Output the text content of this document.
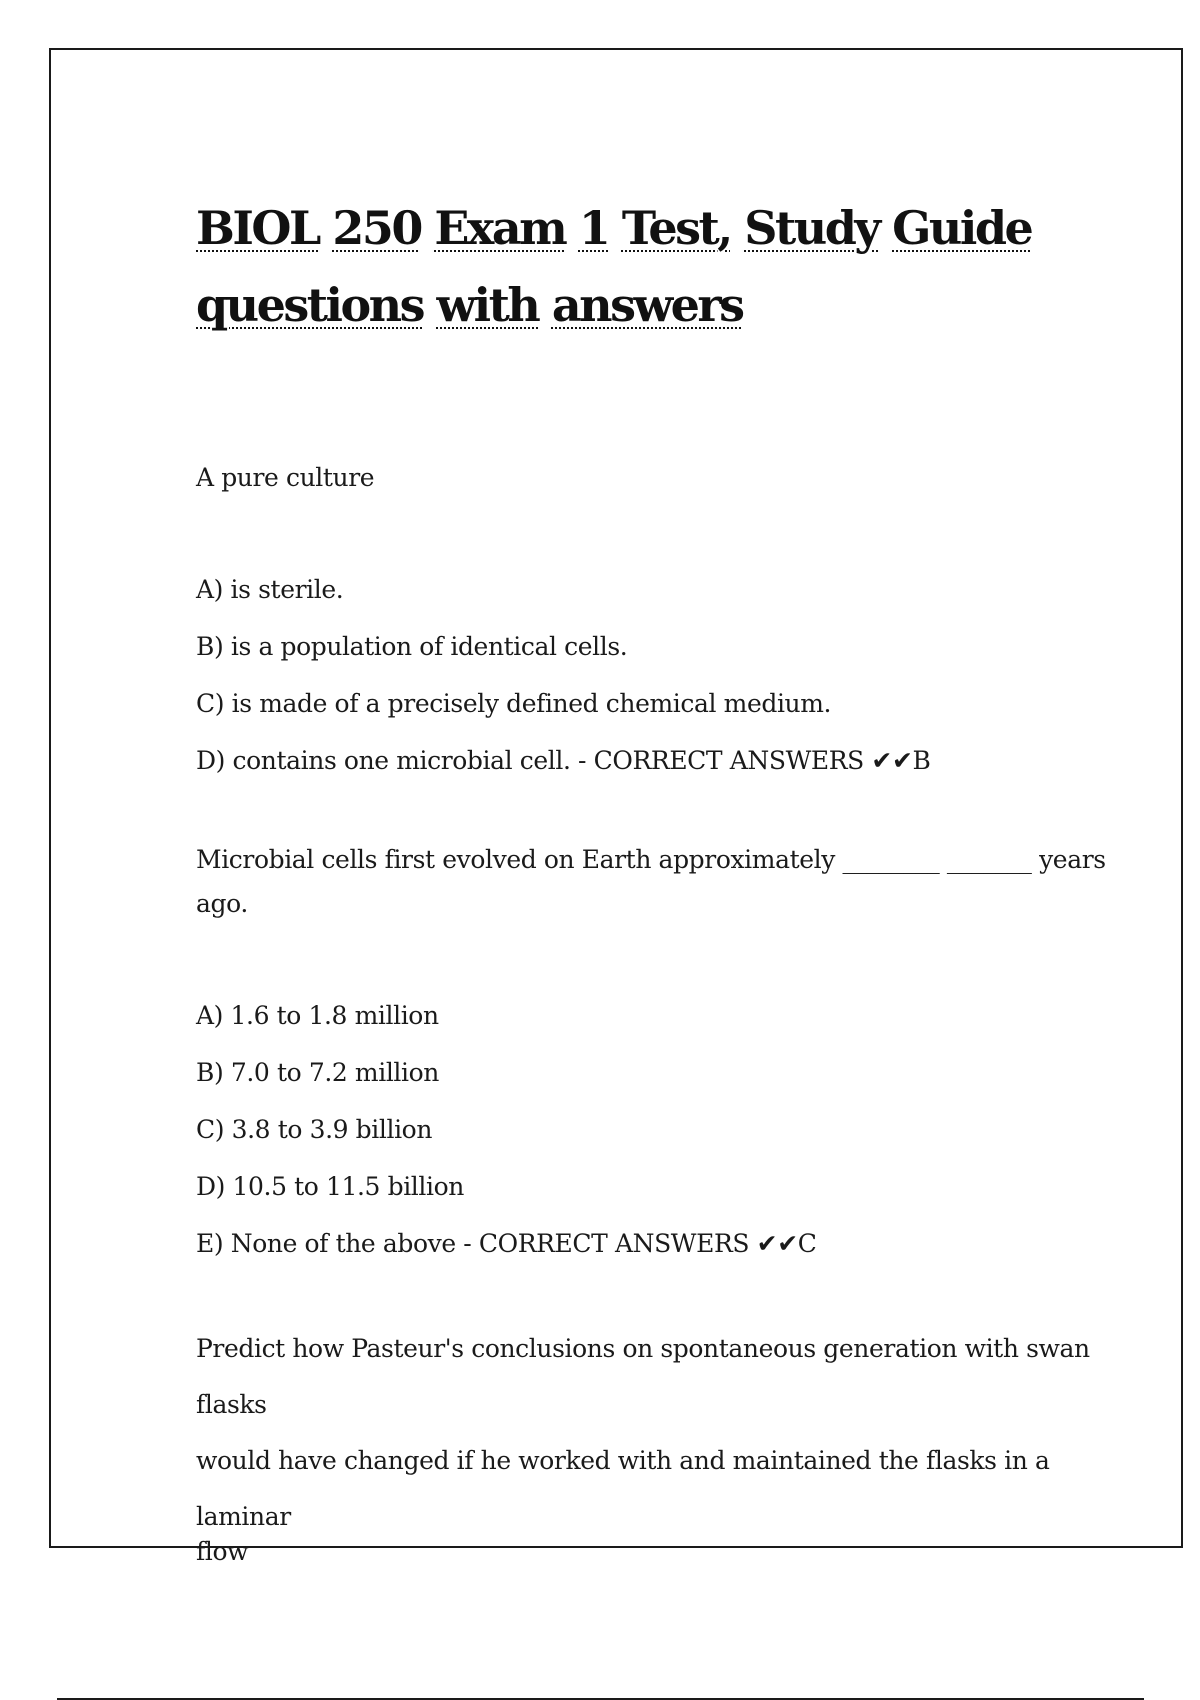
BIOL 250 Exam 1 Test, Study Guide
questions with answers

A pure culture

A) is sterile.

B) is a population of identical cells.

C) is made of a precisely defined chemical medium.

D) contains one microbial cell. - CORRECT ANSWERS ✔✔B

Microbial cells first evolved on Earth approximately ________ _______ years ago.

A) 1.6 to 1.8 million

B) 7.0 to 7.2 million

C) 3.8 to 3.9 billion

D) 10.5 to 11.5 billion

E) None of the above - CORRECT ANSWERS ✔✔C

Predict how Pasteur's conclusions on spontaneous generation with swan flasks
would have changed if he worked with and maintained the flasks in a laminar

flow
